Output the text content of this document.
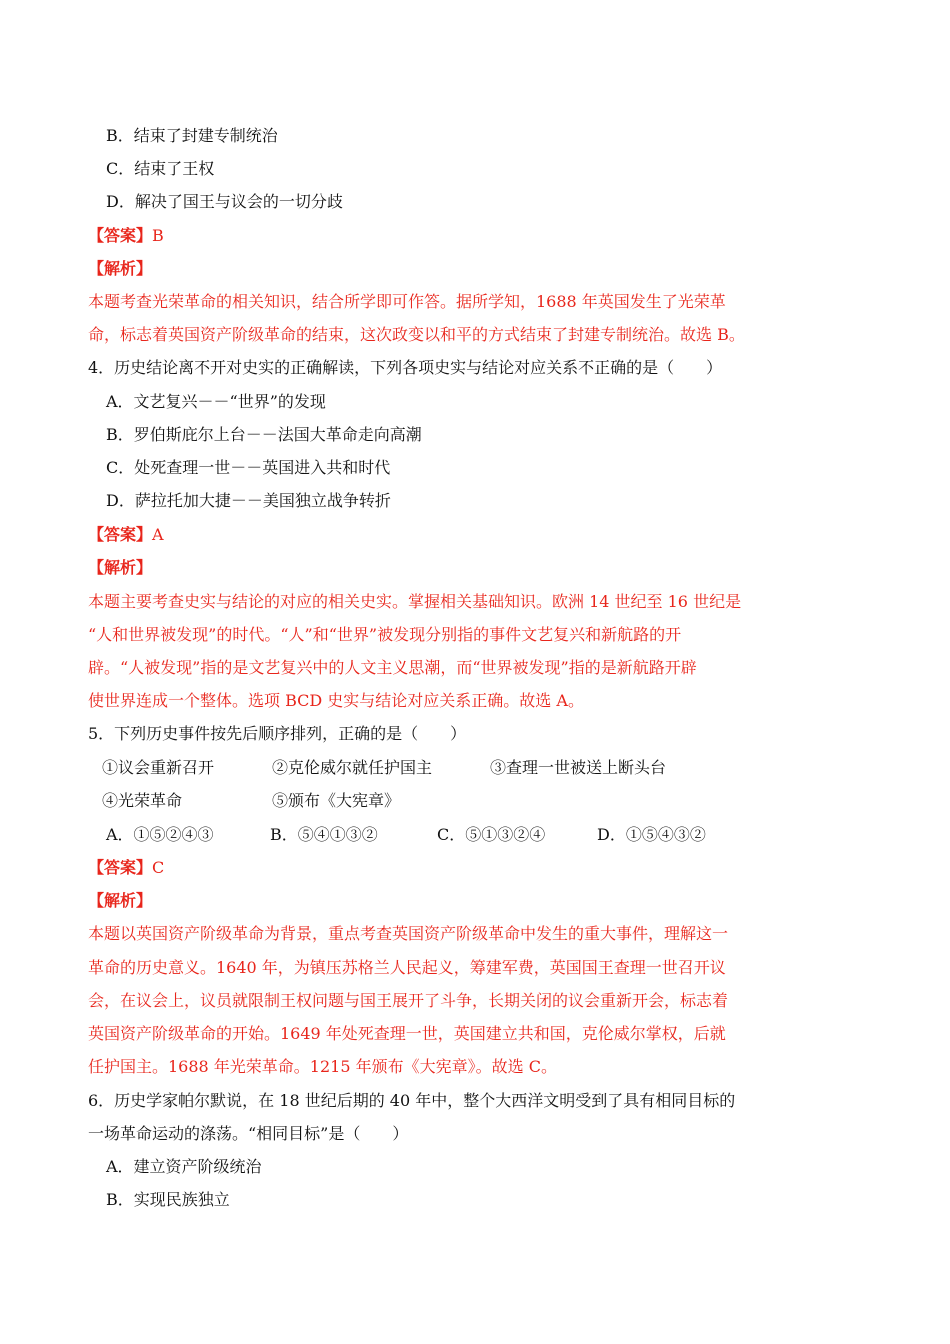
B．结束了封建专制统治
C．结束了王权
D．解决了国王与议会的一切分歧
【答案】B
【解析】
本题考查光荣革命的相关知识，结合所学即可作答。据所学知，1688 年英国发生了光荣革
命，标志着英国资产阶级革命的结束，这次政变以和平的方式结束了封建专制统治。故选 B。
4．历史结论离不开对史实的正确解读，下列各项史实与结论对应关系不正确的是（　　）
A．文艺复兴－－“世界”的发现
B．罗伯斯庇尔上台－－法国大革命走向高潮
C．处死查理一世－－英国进入共和时代
D．萨拉托加大捷－－美国独立战争转折
【答案】A
【解析】
本题主要考查史实与结论的对应的相关史实。掌握相关基础知识。欧洲 14 世纪至 16 世纪是
“人和世界被发现”的时代。“人”和“世界”被发现分别指的事件文艺复兴和新航路的开
辟。“人被发现”指的是文艺复兴中的人文主义思潮，而“世界被发现”指的是新航路开辟
使世界连成一个整体。选项 BCD 史实与结论对应关系正确。故选 A。
5．下列历史事件按先后顺序排列，正确的是（　　）
①议会重新召开	②克伦威尔就任护国主	③查理一世被送上断头台
④光荣革命	⑤颁布《大宪章》
A．①⑤②④③	B．⑤④①③②	C．⑤①③②④	D．①⑤④③②
【答案】C
【解析】
本题以英国资产阶级革命为背景，重点考查英国资产阶级革命中发生的重大事件，理解这一
革命的历史意义。1640 年，为镇压苏格兰人民起义，筹建军费，英国国王查理一世召开议
会，在议会上，议员就限制王权问题与国王展开了斗争，长期关闭的议会重新开会，标志着
英国资产阶级革命的开始。1649 年处死查理一世，英国建立共和国，克伦威尔掌权，后就
任护国主。1688 年光荣革命。1215 年颁布《大宪章》。故选 C。
6．历史学家帕尔默说，在 18 世纪后期的 40 年中，整个大西洋文明受到了具有相同目标的
一场革命运动的涤荡。“相同目标”是（　　）
A．建立资产阶级统治
B．实现民族独立
